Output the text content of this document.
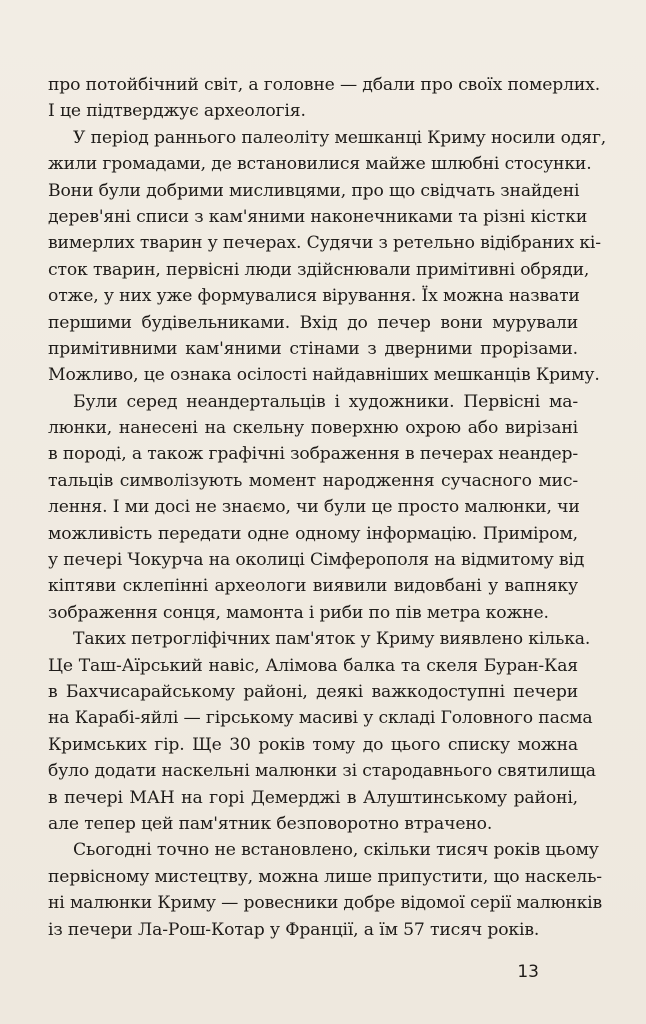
про потойбічний світ, а головне — дбали про своїх померлих.
І це підтверджує археологія.
У період раннього палеоліту мешканці Криму носили одяг,
жили громадами, де встановилися майже шлюбні стосунки.
Вони були добрими мисливцями, про що свідчать знайдені
дерев'яні списи з кам'яними наконечниками та різні кістки
вимерлих тварин у печерах. Судячи з ретельно відібраних кі-
сток тварин, первісні люди здійснювали примітивні обряди,
отже, у них уже формувалися вірування. Їх можна назвати
першими будівельниками. Вхід до печер вони мурували
примітивними кам'яними стінами з дверними прорізами.
Можливо, це ознака осілості найдавніших мешканців Криму.
Були серед неандертальців і художники. Первісні ма-
люнки, нанесені на скельну поверхню охрою або вирізані
в породі, а також графічні зображення в печерах неандер-
тальців символізують момент народження сучасного мис-
лення. І ми досі не знаємо, чи були це просто малюнки, чи
можливість передати одне одному інформацію. Приміром,
у печері Чокурча на околиці Сімферополя на відмитому від
кіптяви склепінні археологи виявили видовбані у вапняку
зображення сонця, мамонта і риби по пів метра кожне.
Таких петрогліфічних пам'яток у Криму виявлено кілька.
Це Таш-Аїрський навіс, Алімова балка та скеля Буран-Кая
в Бахчисарайському районі, деякі важкодоступні печери
на Карабі-яйлі — гірському масиві у складі Головного пасма
Кримських гір. Ще 30 років тому до цього списку можна
було додати наскельні малюнки зі стародавнього святилища
в печері МАН на горі Демерджі в Алуштинському районі,
але тепер цей пам'ятник безповоротно втрачено.
Сьогодні точно не встановлено, скільки тисяч років цьому
первісному мистецтву, можна лише припустити, що наскель-
ні малюнки Криму — ровесники добре відомої серії малюнків
із печери Ла-Рош-Котар у Франції, а їм 57 тисяч років.
13
